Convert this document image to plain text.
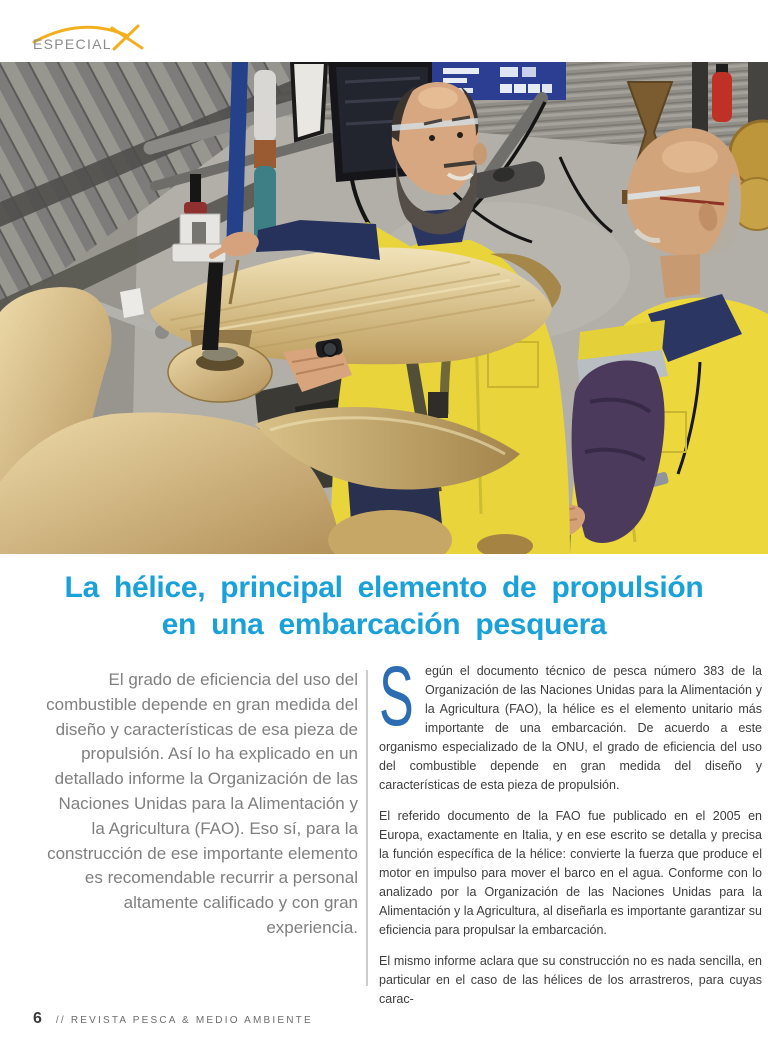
ESPECIAL
La hélice, principal elemento de propulsión
en una embarcación pesquera
El grado de eficiencia del uso del combustible depende en gran medida del diseño y características de esa pieza de propulsión. Así lo ha explicado en un detallado informe la Organización de las Naciones Unidas para la Alimentación y la Agricultura (FAO). Eso sí, para la construcción de ese importante elemento es recomendable recurrir a personal altamente calificado y con gran experiencia.

Según el documento técnico de pesca número 383 de la Organización de las Naciones Unidas para la Alimentación y la Agricultura (FAO), la hélice es el elemento unitario más importante de una embarcación. De acuerdo a este organismo especializado de la ONU, el grado de eficiencia del uso del combustible depende en gran medida del diseño y características de esta pieza de propulsión.

El referido documento de la FAO fue publicado en el 2005 en Europa, exactamente en Italia, y en ese escrito se detalla y precisa la función específica de la hélice: convierte la fuerza que produce el motor en impulso para mover el barco en el agua. Conforme con lo analizado por la Organización de las Naciones Unidas para la Alimentación y la Agricultura, al diseñarla es importante garantizar su eficiencia para propulsar la embarcación.

El mismo informe aclara que su construcción no es nada sencilla, en particular en el caso de las hélices de los arrastreros, para cuyas carac-

6 // REVISTA PESCA & MEDIO AMBIENTE
